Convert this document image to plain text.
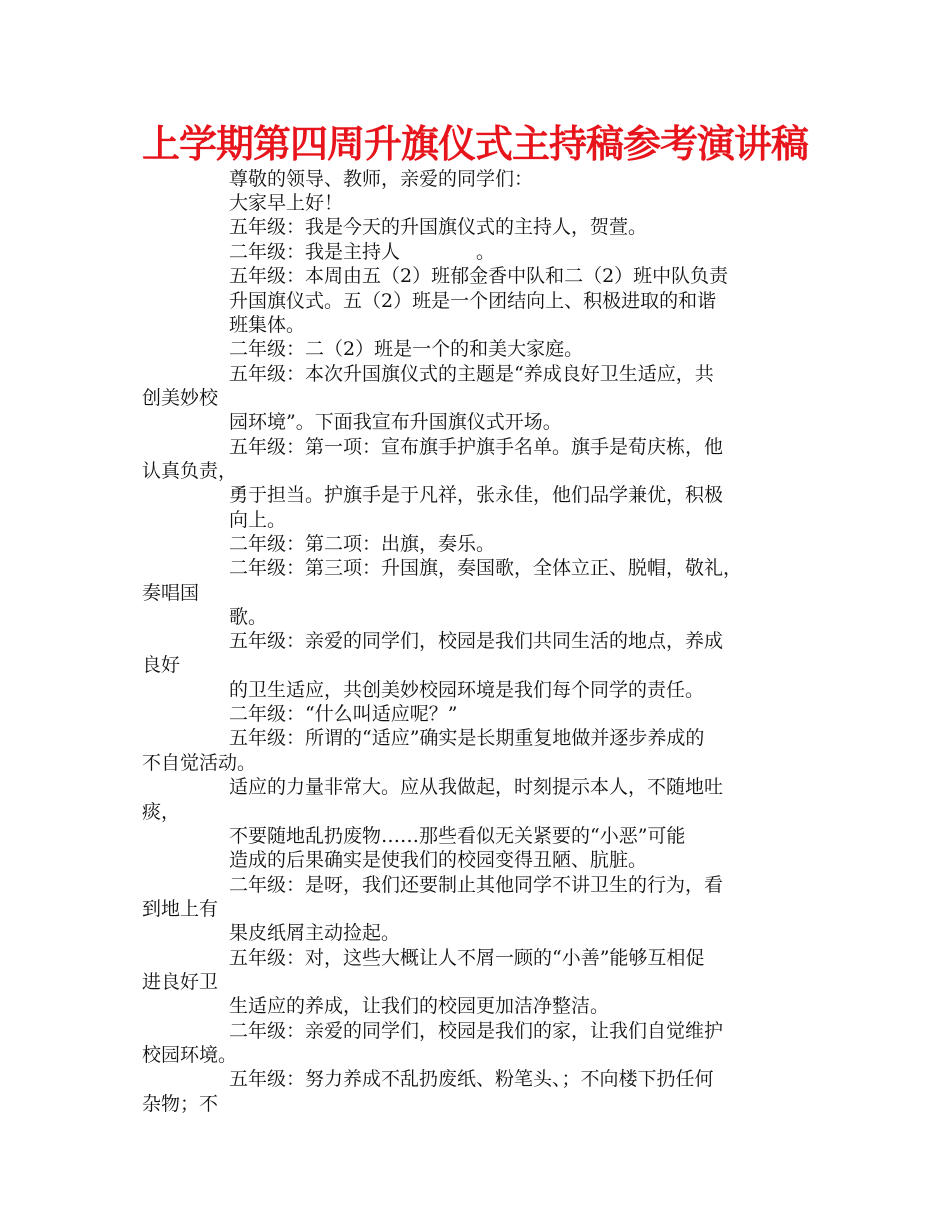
上学期第四周升旗仪式主持稿参考演讲稿
尊敬的领导、教师，亲爱的同学们：
大家早上好！
五年级：我是今天的升国旗仪式的主持人，贺萱。
二年级：我是主持人　　　　。
五年级：本周由五（2）班郁金香中队和二（2）班中队负责
升国旗仪式。五（2）班是一个团结向上、积极进取的和谐
班集体。
二年级：二（2）班是一个的和美大家庭。
五年级：本次升国旗仪式的主题是“养成良好卫生适应，共
创美妙校
园环境”。下面我宣布升国旗仪式开场。
五年级：第一项：宣布旗手护旗手名单。旗手是荀庆栋，他
认真负责，
勇于担当。护旗手是于凡祥，张永佳，他们品学兼优，积极
向上。
二年级：第二项：出旗，奏乐。
二年级：第三项：升国旗，奏国歌，全体立正、脱帽，敬礼，
奏唱国
歌。
五年级：亲爱的同学们，校园是我们共同生活的地点，养成
良好
的卫生适应，共创美妙校园环境是我们每个同学的责任。
二年级：“什么叫适应呢？”
五年级：所谓的“适应”确实是长期重复地做并逐步养成的
不自觉活动。
适应的力量非常大。应从我做起，时刻提示本人，不随地吐
痰，
不要随地乱扔废物……那些看似无关紧要的“小恶”可能
造成的后果确实是使我们的校园变得丑陋、肮脏。
二年级：是呀，我们还要制止其他同学不讲卫生的行为，看
到地上有
果皮纸屑主动捡起。
五年级：对，这些大概让人不屑一顾的“小善”能够互相促
进良好卫
生适应的养成，让我们的校园更加洁净整洁。
二年级：亲爱的同学们，校园是我们的家，让我们自觉维护
校园环境。
五年级：努力养成不乱扔废纸、粉笔头、；不向楼下扔任何
杂物；不
